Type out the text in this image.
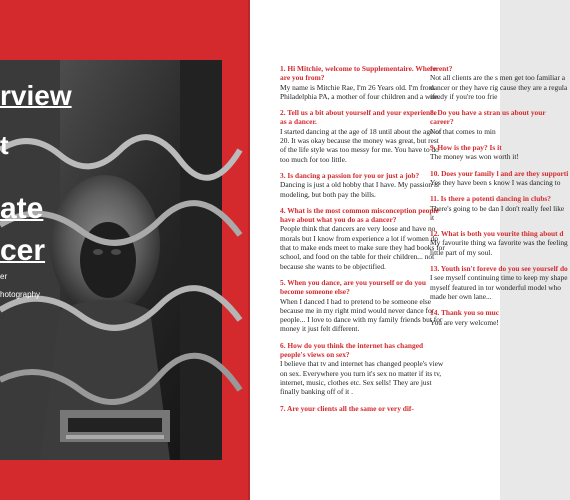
rview
t
ate
cer
er
hotography

1. Hi Mitchie, welcome to Supplementaire. Where are you from?

My name is Mitchie Rae, I'm 26 Years old. I'm from Philadelphia PA, a mother of four children and a wife.

2. Tell us a bit about yourself and your experience as a dancer.

I started dancing at the age of 18 until about the age of 20. It was okay because the money was great, but rest of the life style was too messy for me. You have to do too much for too little.

3. Is dancing a passion for you or just a job?

Dancing is just a old hobby that I have. My passion is modeling, but both pay the bills.

4. What is the most common misconception people have about what you do as a dancer?

People think that dancers are very loose and have no morals but I know from experience a lot if women do that to make ends meet to make sure they had books for school, and food on the table for their children... not because she wants to be objectified.

5. When you dance, are you yourself or do you become someone else?

When I danced I had to pretend to be someone else because me in my right mind would never dance for people... I love to dance with my family friends but for money it just felt different.

6. How do you think the internet has changed people's views on sex?

I believe that tv and internet has changed people's view on sex. Everywhere you turn it's sex no matter if its tv, internet, music, clothes etc. Sex sells! They are just finally banking off of it .

7. Are your clients all the same or very dif-

ferent?

Not all clients are the s men get too familiar a dancer or they have rig cause they are a regula needy if you're too frie

8. Do you have a stran us about your career?

Not that comes to min

9. How is the pay? Is it

The money was won worth it!

10. Does your family l and are they supporti

Yes they have been s know I was dancing to

11. Is there a potenti dancing in clubs?

There's going to be dan I don't really feel like it

12. What is both you vourite thing about d

My favourite thing wa favorite was the feeling little part of my soul.

13. Youth isn't foreve do you see yourself do

I see myself continuing time to keep my shape myself featured in tor wonderful model who made her own lane...

14. Thank you so muc

You are very welcome!
